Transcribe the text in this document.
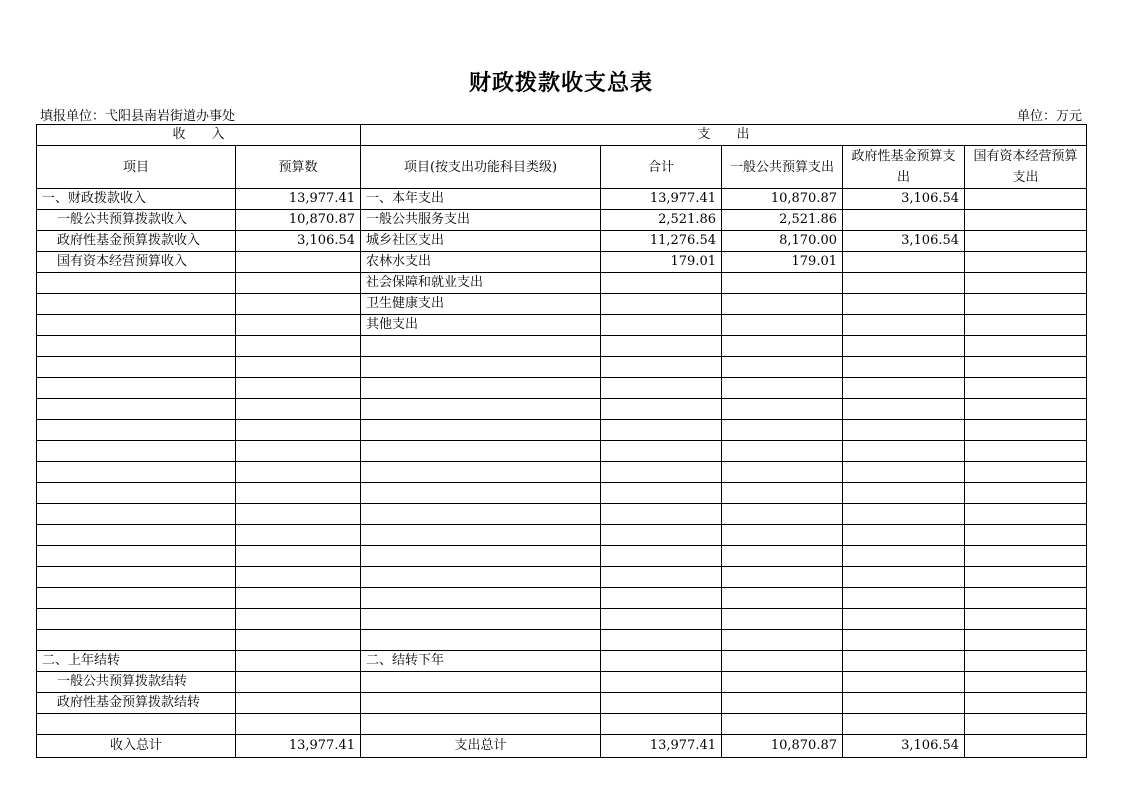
财政拨款收支总表
填报单位：弋阳县南岩街道办事处	单位：万元
收　　入		支　　出				
项目	预算数	项目(按支出功能科目类级)	合计	一般公共预算支出	政府性基金预算支出	国有资本经营预算支出
一、财政拨款收入	13,977.41	一、本年支出	13,977.41	10,870.87	3,106.54	
一般公共预算拨款收入	10,870.87	一般公共服务支出	2,521.86	2,521.86		
政府性基金预算拨款收入	3,106.54	城乡社区支出	11,276.54	8,170.00	3,106.54	
国有资本经营预算收入		农林水支出	179.01	179.01		
		社会保障和就业支出				
		卫生健康支出				
		其他支出				

二、上年结转		二、结转下年				
一般公共预算拨款结转						
政府性基金预算拨款结转						

收入总计	13,977.41	支出总计	13,977.41	10,870.87	3,106.54	
